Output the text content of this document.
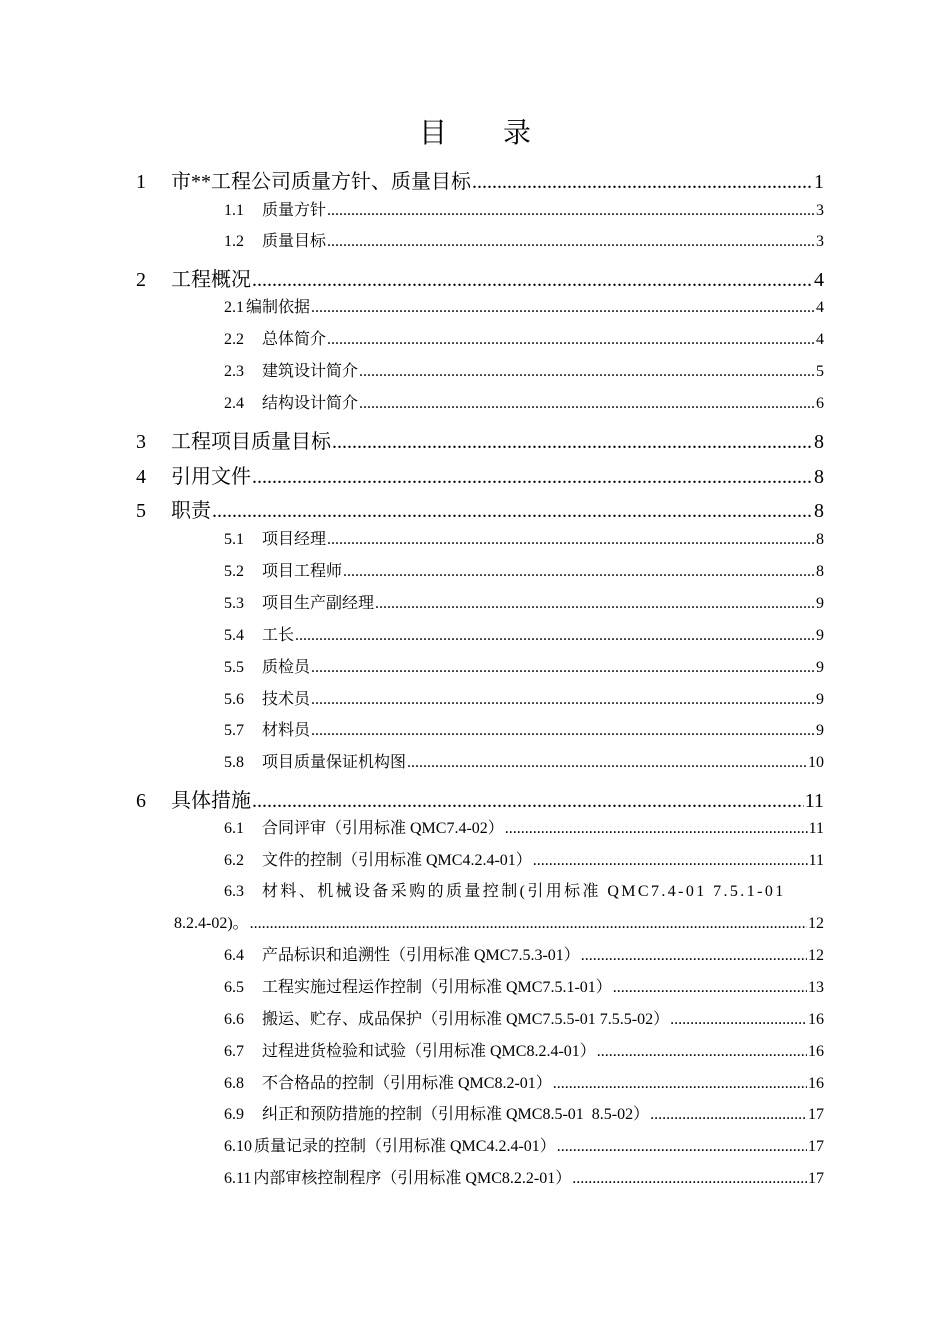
目　　录
1	市**工程公司质量方针、质量目标 .....	1
1.1	质量方针 .....	3
1.2	质量目标 .....	3
2	工程概况 .....	4
2.1 编制依据 .....	4
2.2	总体简介 .....	4
2.3	建筑设计简介 .....	5
2.4	结构设计简介 .....	6
3	工程项目质量目标 .....	8
4	引用文件 .....	8
5	职责 .....	8
5.1	项目经理 .....	8
5.2	项目工程师 .....	8
5.3	项目生产副经理 .....	9
5.4	工长 .....	9
5.5	质检员 .....	9
5.6	技术员 .....	9
5.7	材料员 .....	9
5.8	项目质量保证机构图 .....	10
6	具体措施 .....	11
6.1	合同评审（引用标准 QMC7.4-02） .....	11
6.2	文件的控制（引用标准 QMC4.2.4-01） .....	11
6.3	材料、机械设备采购的质量控制(引用标准 QMC7.4-01 7.5.1-01
8.2.4-02)。 .....	12
6.4	产品标识和追溯性（引用标准 QMC7.5.3-01） .....	12
6.5	工程实施过程运作控制（引用标准 QMC7.5.1-01） .....	13
6.6	搬运、贮存、成品保护（引用标准 QMC7.5.5-01 7.5.5-02） .....	16
6.7	过程进货检验和试验（引用标准 QMC8.2.4-01） .....	16
6.8	不合格品的控制（引用标准 QMC8.2-01） .....	16
6.9	纠正和预防措施的控制（引用标准 QMC8.5-01  8.5-02） .....	17
6.10 质量记录的控制（引用标准 QMC4.2.4-01） .....	17
6.11 内部审核控制程序（引用标准 QMC8.2.2-01） .....	17
